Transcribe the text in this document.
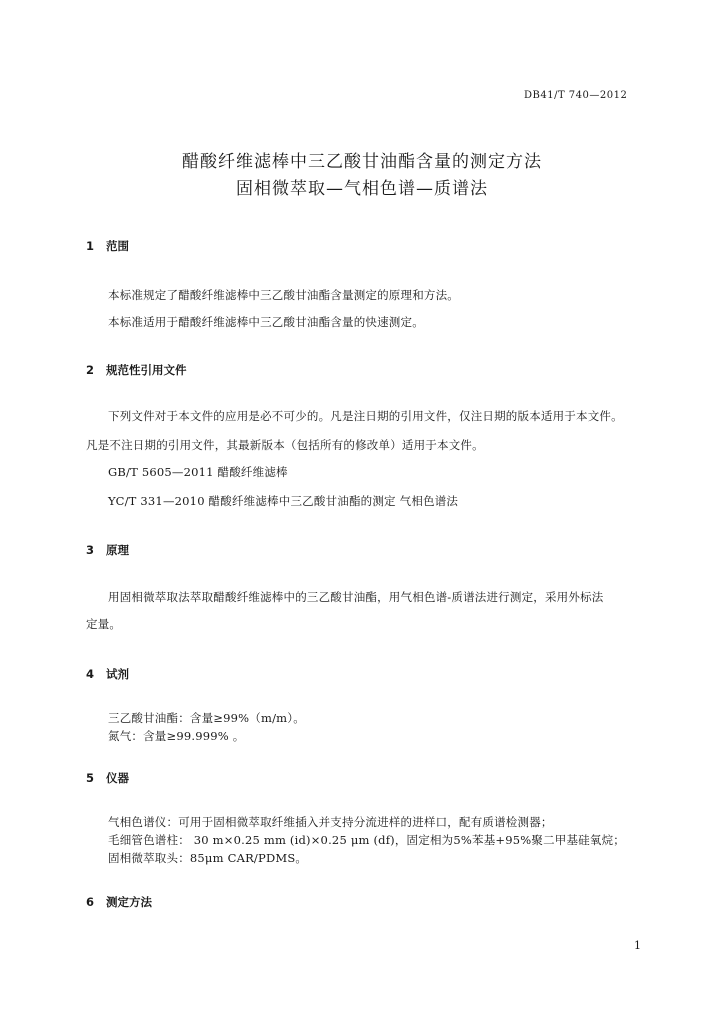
DB41/T 740—2012
醋酸纤维滤棒中三乙酸甘油酯含量的测定方法
固相微萃取—气相色谱—质谱法
1 范围
本标准规定了醋酸纤维滤棒中三乙酸甘油酯含量测定的原理和方法。
本标准适用于醋酸纤维滤棒中三乙酸甘油酯含量的快速测定。
2 规范性引用文件
下列文件对于本文件的应用是必不可少的。凡是注日期的引用文件，仅注日期的版本适用于本文件。
凡是不注日期的引用文件，其最新版本（包括所有的修改单）适用于本文件。
GB/T 5605—2011 醋酸纤维滤棒
YC/T 331—2010 醋酸纤维滤棒中三乙酸甘油酯的测定 气相色谱法
3 原理
用固相微萃取法萃取醋酸纤维滤棒中的三乙酸甘油酯，用气相色谱-质谱法进行测定，采用外标法
定量。
4 试剂
三乙酸甘油酯：含量≥99%（m/m）。
氮气：含量≥99.999% 。
5 仪器
气相色谱仪：可用于固相微萃取纤维插入并支持分流进样的进样口，配有质谱检测器；
毛细管色谱柱： 30 m×0.25 mm (id)×0.25 μm (df)，固定相为5%苯基+95%聚二甲基硅氧烷；
固相微萃取头：85μm CAR/PDMS。
6 测定方法
1
